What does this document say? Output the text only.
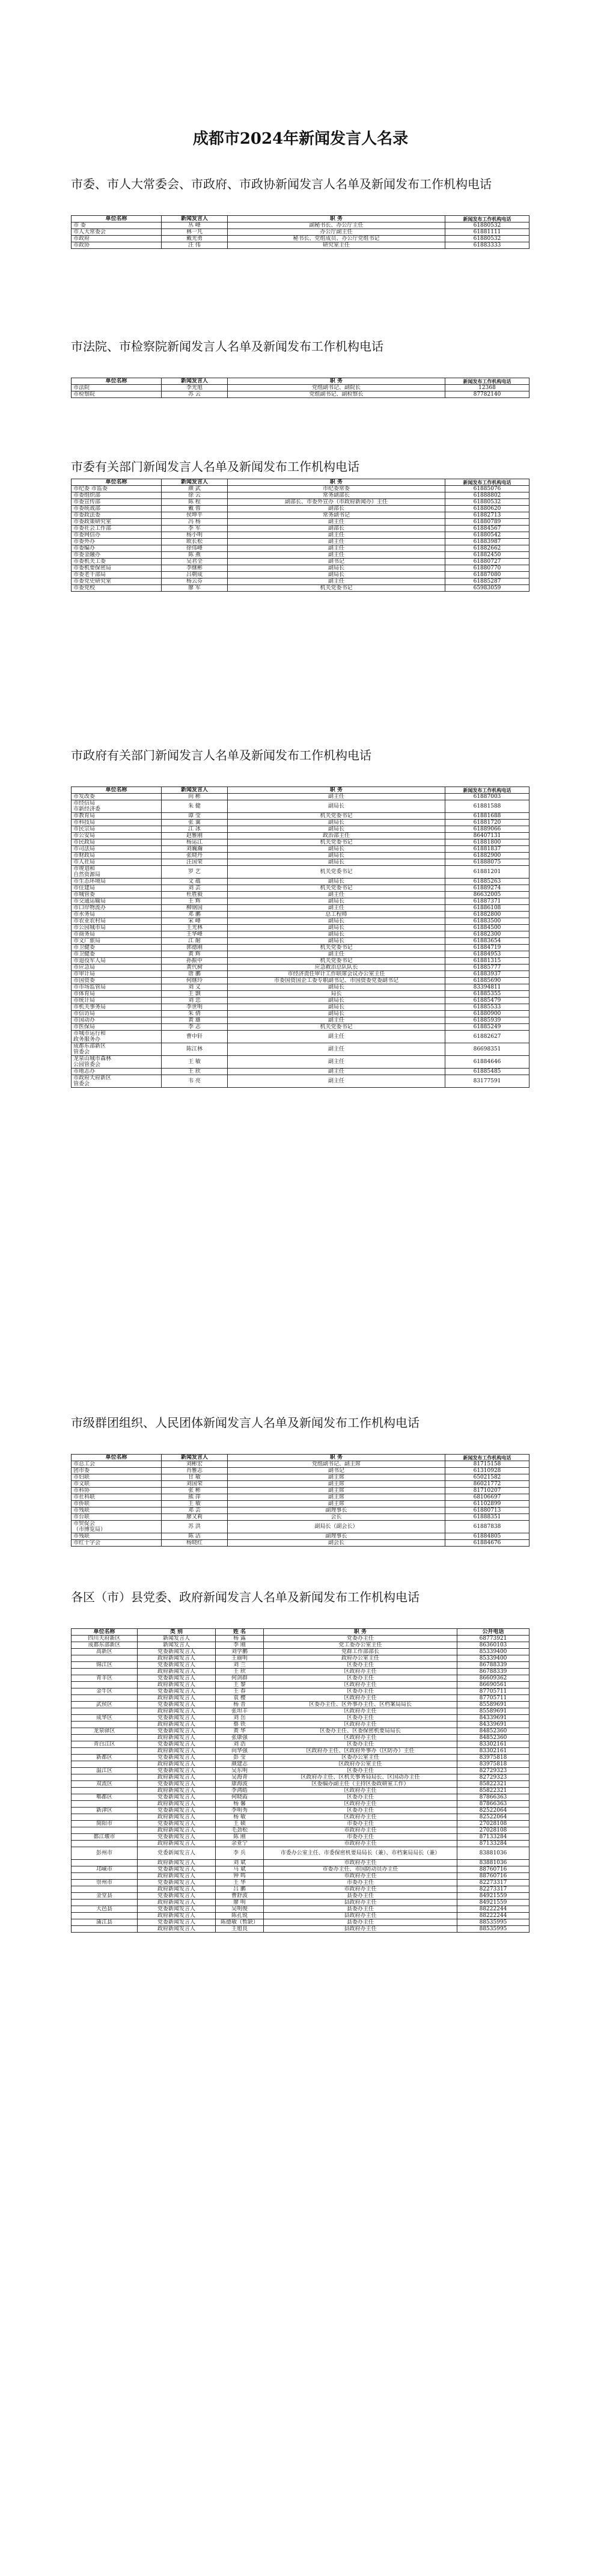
成都市2024年新闻发言人名录
市委、市人大常委会、市政府、市政协新闻发言人名单及新闻发布工作机构电话
单位名称	新闻发言人	职 务	新闻发布工作机构电话
市 委	丛 峰	副秘书长、办公厅主任	61880532
市人大常委会	林一凡	办公厅副主任	61881111
市政府	戴光勇	秘书长、党组成员、办公厅党组书记	61880532
市政协	汪 伟	研究室主任	61883333
市法院、市检察院新闻发言人名单及新闻发布工作机构电话
单位名称	新闻发言人	职 务	新闻发布工作机构电话
市法院	李光旭	党组副书记、副院长	12368
市检察院	苏 云	党组副书记、副检察长	87782140
市委有关部门新闻发言人名单及新闻发布工作机构电话
单位名称	新闻发言人	职 务	新闻发布工作机构电话
市纪委 市监委	颜 武	市纪委常委	61885076
市委组织部	徐 云	常务副部长	61888802
市委宣传部	陈 程	副部长、市委外宣办（市政府新闻办）主任	61880532
市委统战部	戴 蓉	副部长	61880620
市委政法委	侯坤平	常务副书记	61882713
市委政策研究室	冯 杨	副主任	61880789
市委社会工作部	李 军	副部长	61884567
市委网信办	杨小明	副主任	61880542
市委外办	欧长松	副主任	61883987
市委编办	徐伟峰	副主任	61882662
市委金融办	陈 燕	副主任	61882450
市委机关工委	吴君全	副书记	61880727
市委机要保密局	李继彬	副局长	61880770
市委老干部局	吕朝成	副局长	61887080
市委党史研究室	杨云芬	副主任	61885287
市委党校	廖 军	机关党委书记	65983059
市政府有关部门新闻发言人名单及新闻发布工作机构电话
单位名称	新闻发言人	职 务	新闻发布工作机构电话
市发改委	向 彬	副主任	61887003
市经信局
市新经济委	朱 健	副局长	61881588
市教育局	谭 莹	机关党委书记	61881688
市科技局	张 翼	副局长	61881720
市民宗局	江 冰	副局长	61889066
市公安局	赵雅刚	政治部主任	86407131
市民政局	杨运江	机关党委书记	61881800
市司法局	刘巍瀚	副局长	61881837
市财政局	张晓丹	副局长	61882900
市人社局	汪国荣	副局长	61888075
市规划和
自然资源局	罗 艺	机关党委书记	61881201
市生态环境局	文 蕴	副局长	61885263
市住建局	刘 芸	机关党委书记	61889274
市城管委	杜胜毅	副主任	86632005
市交通运输局	王 辉	副局长	61887371
市口岸物流办	柳钢国	副主任	61886108
市水务局	邓 鹏	总工程师	61882800
市农业农村局	宋 峰	副局长	61883500
市公园城市局	王光林	副局长	61884500
市商务局	王华峰	副局长	61882300
市文广旅局	江 耐	副局长	61883654
市卫健委	郭德刚	机关党委书记	61884719
市卫健委	黄 辉	副主任	61884953
市退役军人局	孙振中	机关党委书记	61881315
市应急局	黄代树	应急救治总队队长	61885777
市审计局	唐 鹏	市经济责任审计工作联席会议办公室主任	61883937
市国资委	何继玲	市委国资国企工委专职副书记、市国资委党委副书记	61885690
市市场监管局	刘 义	副局长	83394811
市体育局	王 颢	局长	61885355
市统计局	刘 忠	副局长	61885479
市机关事务局	李世明	副局长	61885533
市信访局	朱 倩	副局长	61880900
市国动办	黄 雄	副主任	61885939
市医保局	李 志	机关党委书记	61885249
市城市运行和
政务服务办	曹中轩	副主任	61882627
成都东部新区
管委会	陈江林	副主任	86698351
龙泉山城市森林
公园管委会	王 敏	副主任	61884646
市地志办	王 欣	副主任	61885485
市政府天府新区
管委会	韦 亮	副主任	83177591
市级群团组织、人民团体新闻发言人名单及新闻发布工作机构电话
单位名称	新闻发言人	职 务	新闻发布工作机构电话
市总工会	刘彬宏	党组副书记、副主席	81715158
团市委	肖雅志	副书记	61310928
市妇联	甘 敏	副主席	65021582
市文联	刘国荣	副主席	86021772
市科协	张 彬	副主席	81710207
市社科联	熊 萍	副主席	68106697
市侨联	王 敏	副主席	61102899
市残联	邓 芸	副理事长	61880713
市台联	廖又莉	会长	61888351
市贸促会
（市博览局）	苏 洪	副局长（副会长）	61887838
市残联	陈 洁	副理事长	61884805
市红十字会	杨晓红	副会长	61884676
各区（市）县党委、政府新闻发言人名单及新闻发布工作机构电话
单位名称	类 别	姓 名	职 务	公开电话
四川天府新区	新闻发言人	杨 露	党委办主任	68773921
成都东部新区	新闻发言人	李 刚	党工委办公室主任	86360103
高新区	党委新闻发言人	刘学鹏	党群工作部部长	85339400
	政府新闻发言人	王丽明	政府办公室主任	85339400
锦江区	党委新闻发言人	刘 兰	区委办主任	86788339
	政府新闻发言人	王 欣	区政府办主任	86788339
青羊区	党委新闻发言人	何剑群	区委办主任	86609362
	政府新闻发言人	王 黎	区政府办主任	86690561
金牛区	党委新闻发言人	王 春	区委办主任	87705711
	政府新闻发言人	袁 樱	区政府办主任	87705711
武侯区	党委新闻发言人	杨 晋	区委办主任、区外事办主任、区档案局局长	85589691
	政府新闻发言人	张坦丰	区政府办主任	85589691
成华区	党委新闻发言人	刘 岳	区委办主任	84339691
	政府新闻发言人	蔡 铁	区政府办主任	84339691
龙泉驿区	党委新闻发言人	黄 华	区委办主任、区委保密机要局局长	84852360
	政府新闻发言人	张康强	区政府办主任	84852360
青白江区	党委新闻发言人	刘 浩	区委办主任	83302161
	政府新闻发言人	向华强	区政府办主任、区政府外事办（区防办）主任	83302161
新都区	党委新闻发言人	彭 莹	区委办公室主任	83975818
	政府新闻发言人	颜建志	区政府办公室主任	83975818
温江区	党委新闻发言人	吴东明	区委办主任	82729323
	政府新闻发言人	吴海青	区政府办主任、区机关事务局局长、区国动办主任	82729323
双流区	党委新闻发言人	康海波	区委编办副主任（主持区委政研室工作）	85822321
	政府新闻发言人	李鸿皓	区政府办主任	85822321
郫都区	党委新闻发言人	何晓霞	区委办主任	87866363
	政府新闻发言人	杨 馨	区政府办主任	87866363
新津区	党委新闻发言人	李明秀	区委办主任	82522064
	政府新闻发言人	杨 敏	区政府办主任	82522064
简阳市	党委新闻发言人	王 硕	市委办主任	27028108
	政府新闻发言人	毛劲松	市政府办主任	27028108
都江堰市	党委新闻发言人	陈 刚	市委办主任	87133284
	政府新闻发言人	余亚宁	市政府办主任	87133284
彭州市	党委新闻发言人	李 兵	市委办公室主任、市委保密机要局局长（兼）、市档案局局长（兼）	83881036
	政府新闻发言人	刘 斌	市政府办主任	83881036
邛崃市	党委新闻发言人	马 斌	市委办主任、市国防动员办主任	88760716
	政府新闻发言人	钟 鸣	市政府办主任	88760716
崇州市	党委新闻发言人	王 华	市委办主任	82273317
	政府新闻发言人	吕 鹏	市政府办主任	82273317
金堂县	党委新闻发言人	曹舒波	县委办主任	84921559
	政府新闻发言人	廖 明	县政府办主任	84921559
大邑县	党委新闻发言人	吴明俊	县委办主任	88222244
	政府新闻发言人	陈孔锐	县政府办主任	88222244
蒲江县	党委新闻发言人	陈德敏（暂缺）	县委办主任	88535995
	政府新闻发言人	王旭良	县政府办主任	88535995
